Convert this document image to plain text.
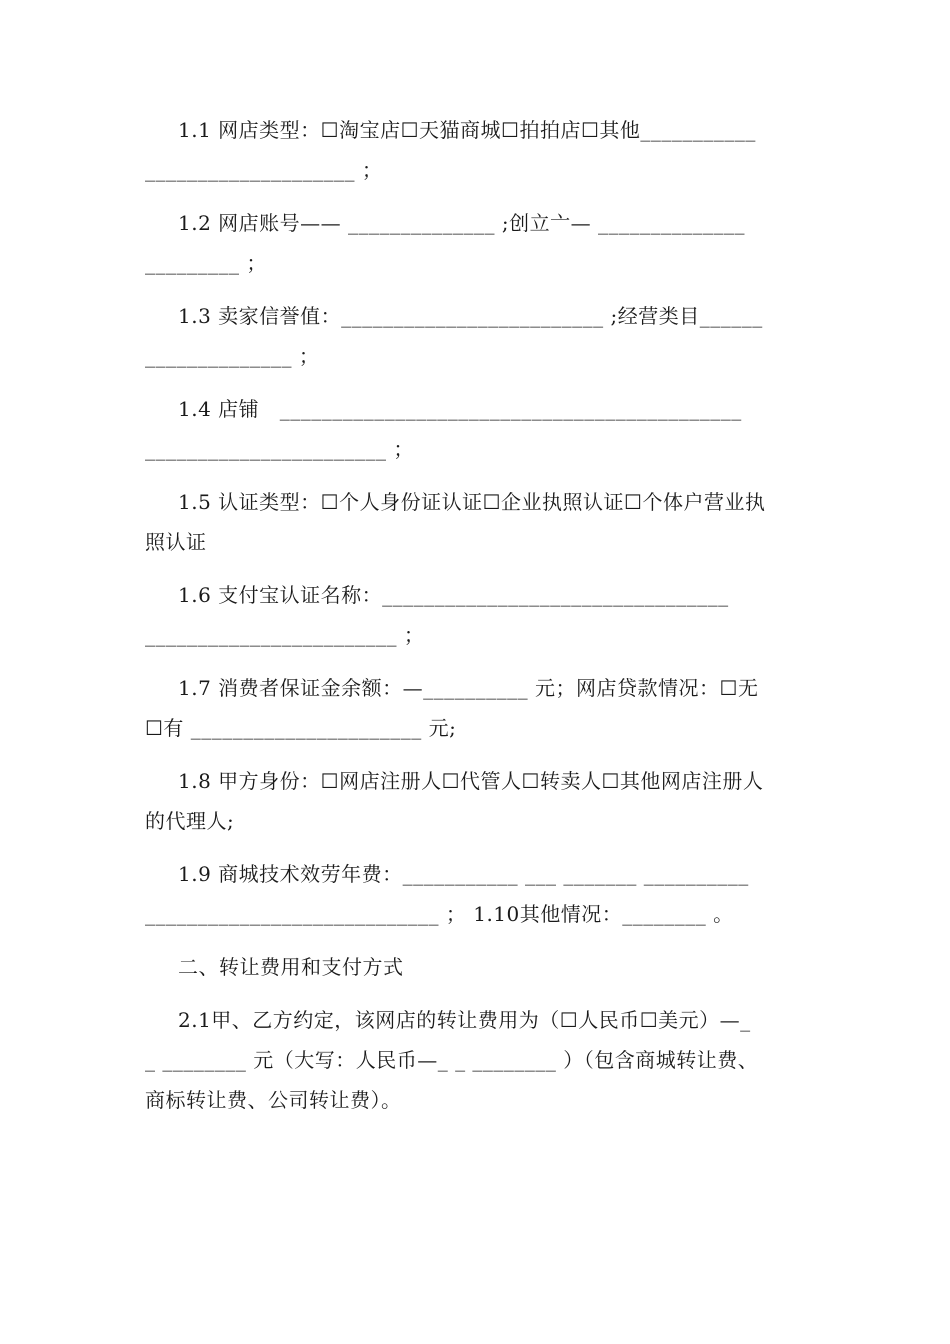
1.1 网店类型：☐淘宝店☐天猫商城☐拍拍店☐其他___________
____________________ ；
1.2 网店账号—— ______________ ;创立亠— ______________
_________ ；
1.3 卖家信誉值：_________________________ ;经营类目______
______________ ；
1.4 店铺   ____________________________________________
_______________________ ；
1.5 认证类型：☐个人身份证认证☐企业执照认证☐个体户营业执
照认证
1.6 支付宝认证名称：_________________________________
________________________ ；
1.7 消费者保证金余额：—__________ 元；网店贷款情况：☐无
☐有 ______________________ 元;
1.8 甲方身份：☐网店注册人☐代管人☐转卖人☐其他网店注册人
的代理人;
1.9 商城技术效劳年费：___________ ___ _______ __________
____________________________ ； 1.10其他情况：________ 。
二、转让费用和支付方式
2.1甲、乙方约定，该网店的转让费用为（☐人民币☐美元）—_
_ ________ 元（大写：人民币—_ _ ________ ）（包含商城转让费、
商标转让费、公司转让费）。
